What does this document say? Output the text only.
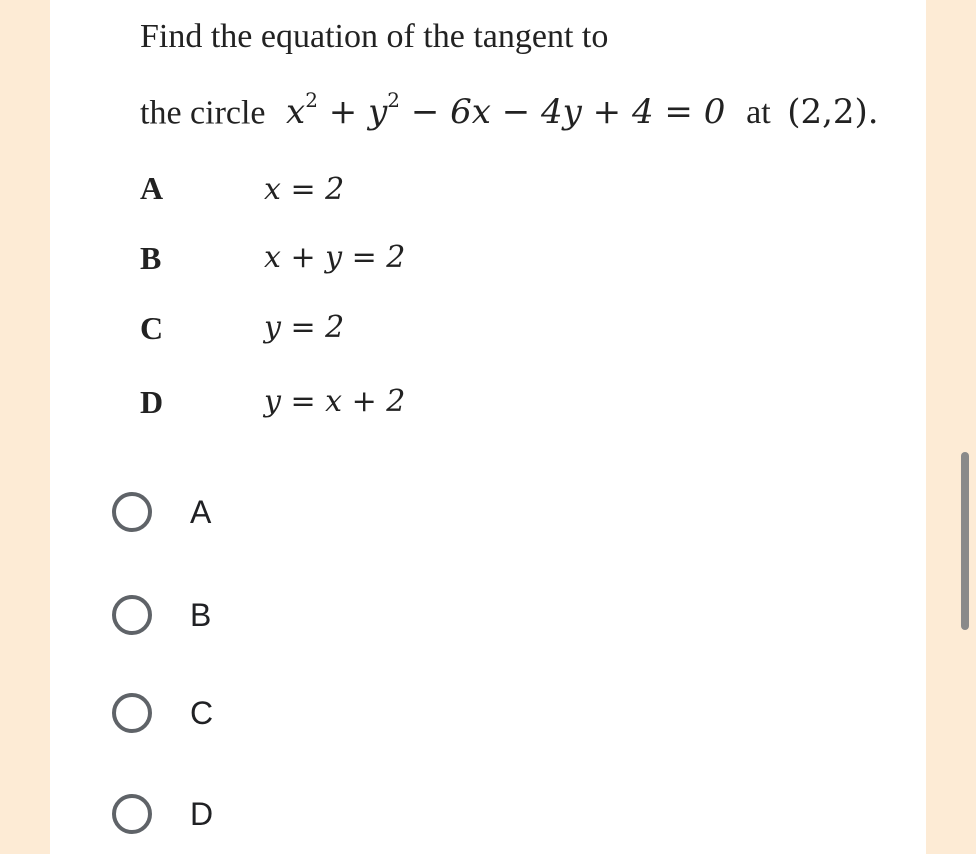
Find the equation of the tangent to
the circle $x^2 + y^2 - 6x - 4y + 4 = 0$ at (2,2).
A	x = 2
B	x + y = 2
C	y = 2
D	y = x + 2
A
B
C
D
